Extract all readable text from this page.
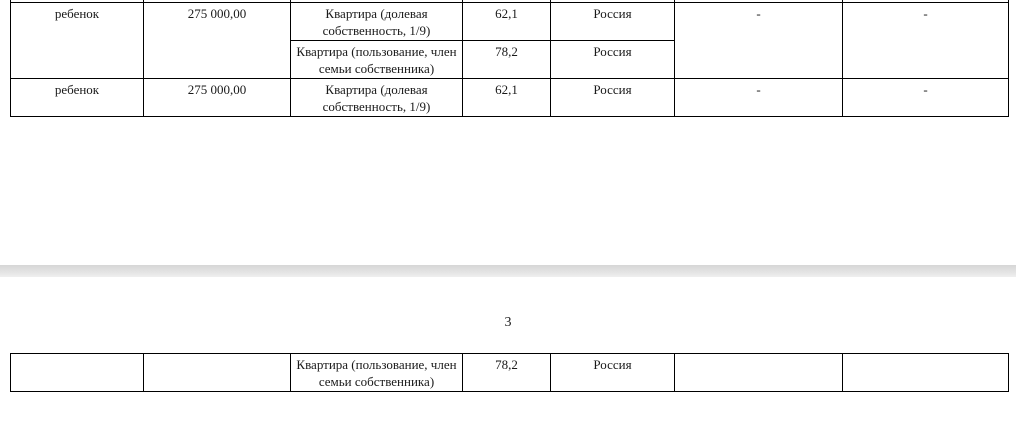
ребенок	275 000,00	Квартира (долевая собственность, 1/9)	62,1	Россия	-	-
		Квартира (пользование, член семьи собственника)	78,2	Россия		
ребенок	275 000,00	Квартира (долевая собственность, 1/9)	62,1	Россия	-	-
3
		Квартира (пользование, член семьи собственника)	78,2	Россия		
